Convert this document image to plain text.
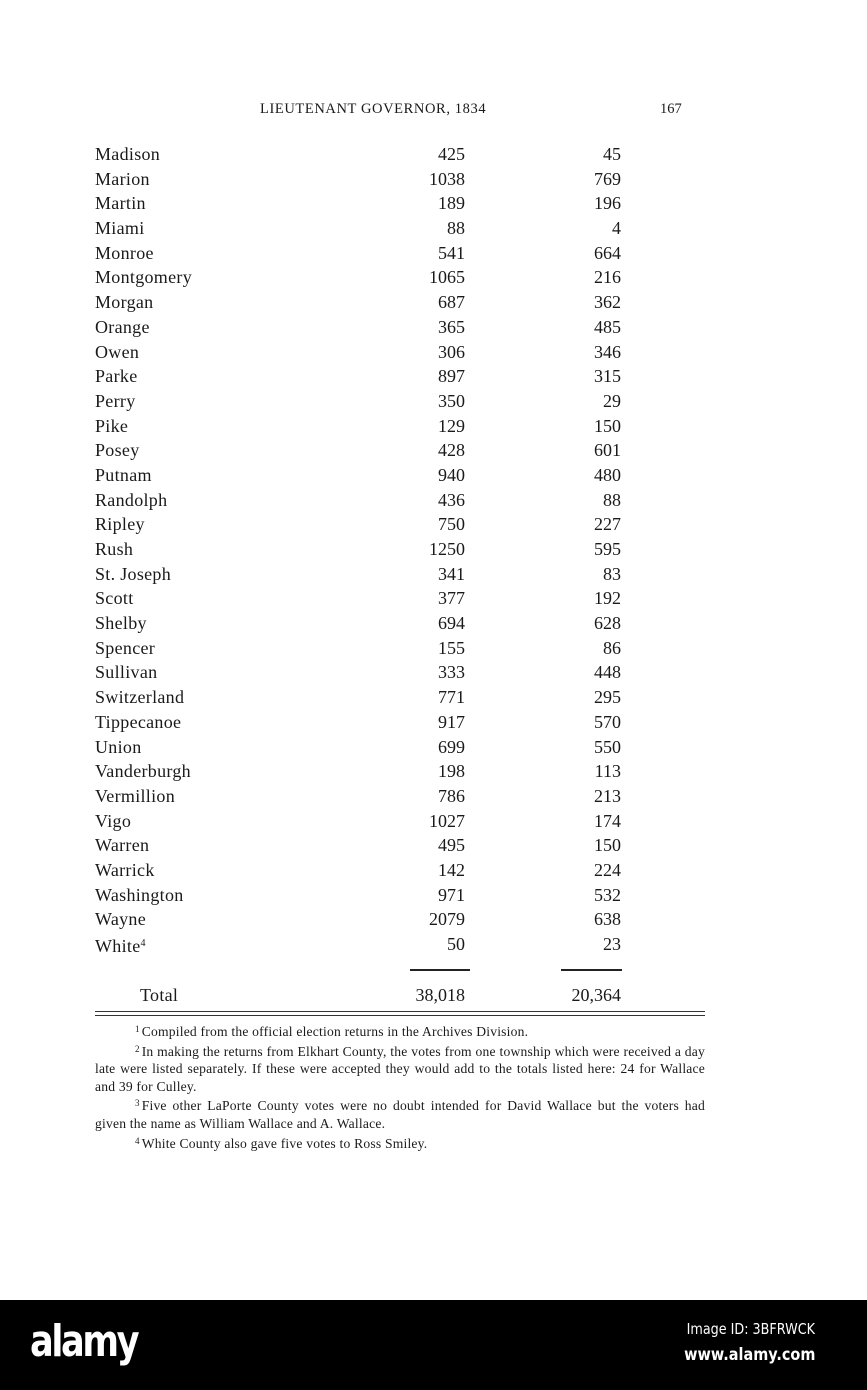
LIEUTENANT GOVERNOR, 1834	167
Madison	425	45
Marion	1038	769
Martin	189	196
Miami	88	4
Monroe	541	664
Montgomery	1065	216
Morgan	687	362
Orange	365	485
Owen	306	346
Parke	897	315
Perry	350	29
Pike	129	150
Posey	428	601
Putnam	940	480
Randolph	436	88
Ripley	750	227
Rush	1250	595
St. Joseph	341	83
Scott	377	192
Shelby	694	628
Spencer	155	86
Sullivan	333	448
Switzerland	771	295
Tippecanoe	917	570
Union	699	550
Vanderburgh	198	113
Vermillion	786	213
Vigo	1027	174
Warren	495	150
Warrick	142	224
Washington	971	532
Wayne	2079	638
White$^4$	50	23
Total	38,018	20,364

$^1$ Compiled from the official election returns in the Archives Division.

$^2$ In making the returns from Elkhart County, the votes from one township which were received a day late were listed separately. If these were accepted they would add to the totals listed here: 24 for Wallace and 39 for Culley.

$^3$ Five other LaPorte County votes were no doubt intended for David Wallace but the voters had given the name as William Wallace and A. Wallace.

$^4$ White County also gave five votes to Ross Smiley.

alamy	Image ID: 3BFRWCK
www.alamy.com
